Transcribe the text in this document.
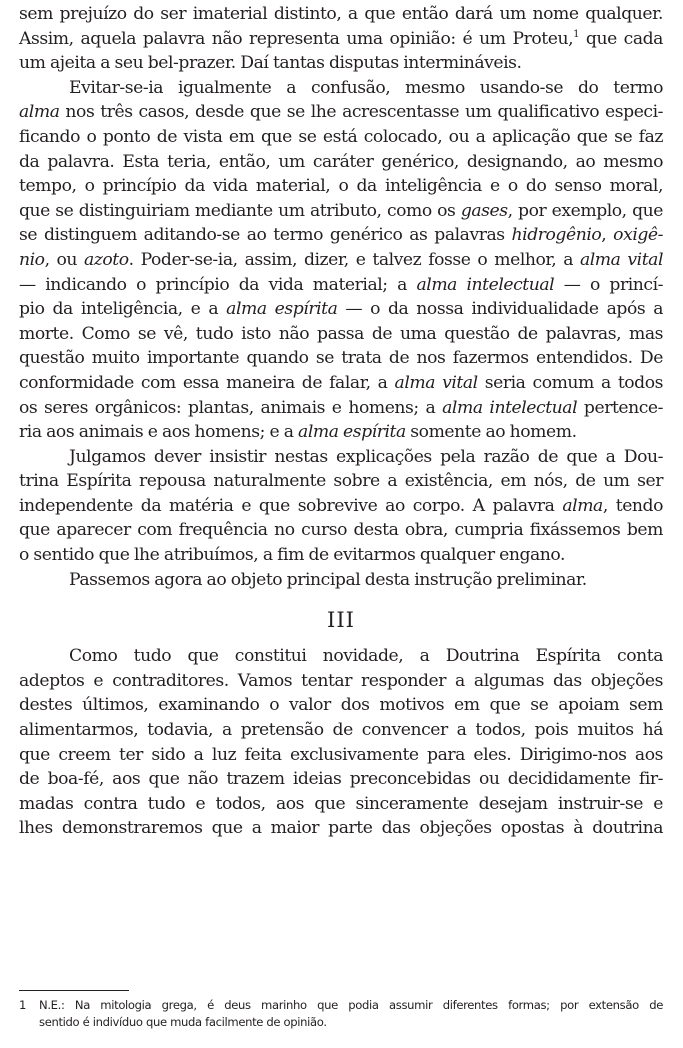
sem prejuízo do ser imaterial distinto, a que então dará um nome qualquer.
Assim, aquela palavra não representa uma opinião: é um Proteu,$^1$ que cada
um ajeita a seu bel-prazer. Daí tantas disputas intermináveis.
Evitar-se-ia igualmente a confusão, mesmo usando-se do termo
alma nos três casos, desde que se lhe acrescentasse um qualificativo especi-
ficando o ponto de vista em que se está colocado, ou a aplicação que se faz
da palavra. Esta teria, então, um caráter genérico, designando, ao mesmo
tempo, o princípio da vida material, o da inteligência e o do senso moral,
que se distinguiriam mediante um atributo, como os gases, por exemplo, que
se distinguem aditando-se ao termo genérico as palavras hidrogênio, oxigê-
nio, ou azoto. Poder-se-ia, assim, dizer, e talvez fosse o melhor, a alma vital
— indicando o princípio da vida material; a alma intelectual — o princí-
pio da inteligência, e a alma espírita — o da nossa individualidade após a
morte. Como se vê, tudo isto não passa de uma questão de palavras, mas
questão muito importante quando se trata de nos fazermos entendidos. De
conformidade com essa maneira de falar, a alma vital seria comum a todos
os seres orgânicos: plantas, animais e homens; a alma intelectual pertence-
ria aos animais e aos homens; e a alma espírita somente ao homem.
Julgamos dever insistir nestas explicações pela razão de que a Dou-
trina Espírita repousa naturalmente sobre a existência, em nós, de um ser
independente da matéria e que sobrevive ao corpo. A palavra alma, tendo
que aparecer com frequência no curso desta obra, cumpria fixássemos bem
o sentido que lhe atribuímos, a fim de evitarmos qualquer engano.
Passemos agora ao objeto principal desta instrução preliminar.
III
Como tudo que constitui novidade, a Doutrina Espírita conta
adeptos e contraditores. Vamos tentar responder a algumas das objeções
destes últimos, examinando o valor dos motivos em que se apoiam sem
alimentarmos, todavia, a pretensão de convencer a todos, pois muitos há
que creem ter sido a luz feita exclusivamente para eles. Dirigimo-nos aos
de boa-fé, aos que não trazem ideias preconcebidas ou decididamente fir-
madas contra tudo e todos, aos que sinceramente desejam instruir-se e
lhes demonstraremos que a maior parte das objeções opostas à doutrina
1 N.E.: Na mitologia grega, é deus marinho que podia assumir diferentes formas; por extensão de
sentido é indivíduo que muda facilmente de opinião.
